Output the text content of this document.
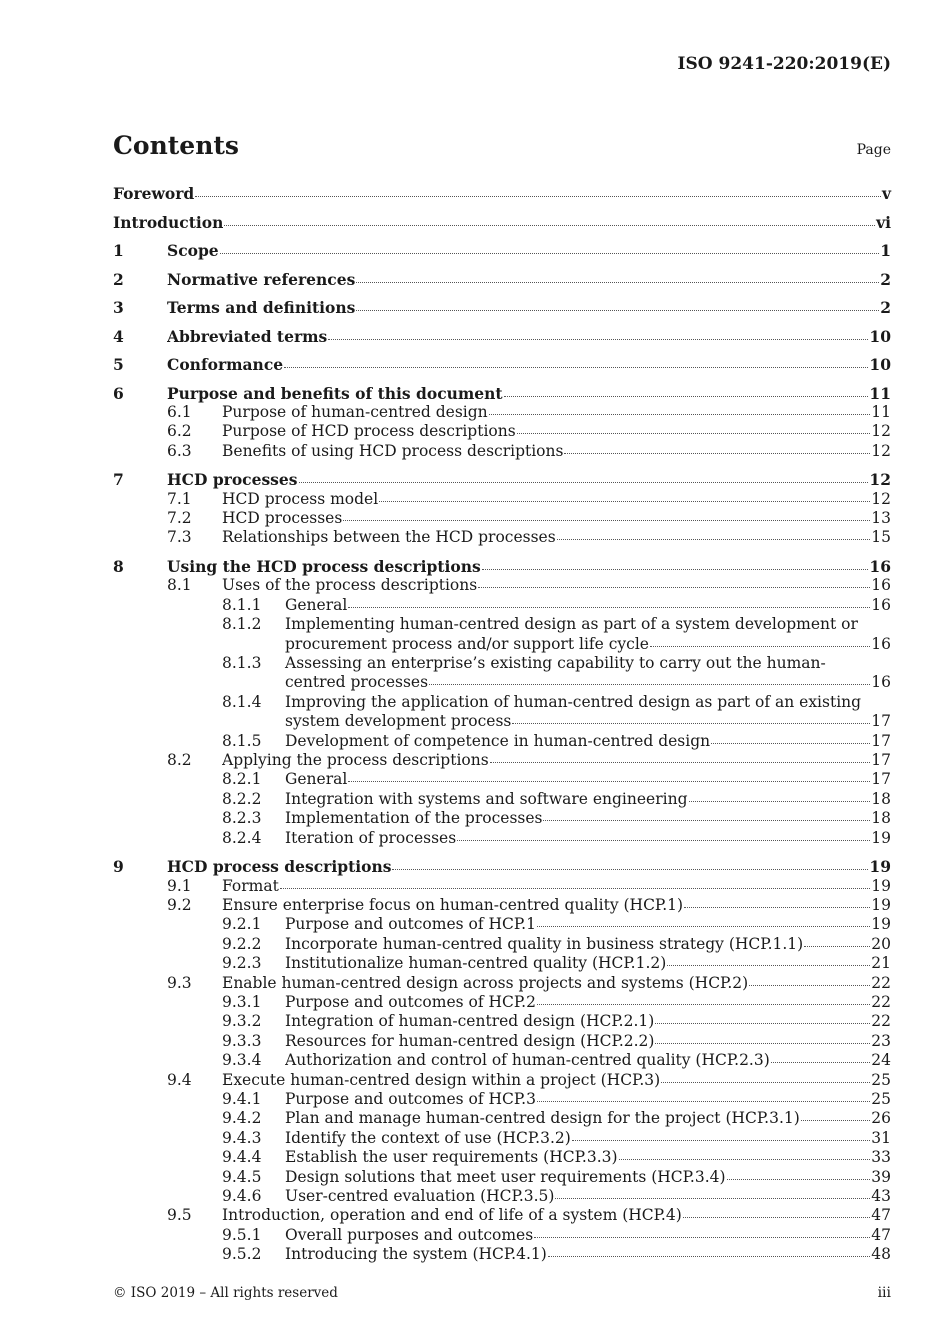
ISO 9241-220:2019(E)
Contents	Page
Foreword	v
Introduction	vi
1	Scope	1
2	Normative references	2
3	Terms and definitions	2
4	Abbreviated terms	10
5	Conformance	10
6	Purpose and benefits of this document	11
6.1 Purpose of human-centred design	11
6.2 Purpose of HCD process descriptions	12
6.3 Benefits of using HCD process descriptions	12
7	HCD processes	12
7.1 HCD process model	12
7.2 HCD processes	13
7.3 Relationships between the HCD processes	15
8	Using the HCD process descriptions	16
8.1 Uses of the process descriptions	16
8.1.1 General	16
8.1.2 Implementing human-centred design as part of a system development or
procurement process and/or support life cycle	16
8.1.3 Assessing an enterprise’s existing capability to carry out the human-
centred processes	16
8.1.4 Improving the application of human-centred design as part of an existing
system development process	17
8.1.5 Development of competence in human-centred design	17
8.2 Applying the process descriptions	17
8.2.1 General	17
8.2.2 Integration with systems and software engineering	18
8.2.3 Implementation of the processes	18
8.2.4 Iteration of processes	19
9	HCD process descriptions	19
9.1 Format	19
9.2 Ensure enterprise focus on human-centred quality (HCP.1)	19
9.2.1 Purpose and outcomes of HCP.1	19
9.2.2 Incorporate human-centred quality in business strategy (HCP.1.1)	20
9.2.3 Institutionalize human-centred quality (HCP.1.2)	21
9.3 Enable human-centred design across projects and systems (HCP.2)	22
9.3.1 Purpose and outcomes of HCP.2	22
9.3.2 Integration of human-centred design (HCP.2.1)	22
9.3.3 Resources for human-centred design (HCP.2.2)	23
9.3.4 Authorization and control of human-centred quality (HCP.2.3)	24
9.4 Execute human-centred design within a project (HCP.3)	25
9.4.1 Purpose and outcomes of HCP.3	25
9.4.2 Plan and manage human-centred design for the project (HCP.3.1)	26
9.4.3 Identify the context of use (HCP.3.2)	31
9.4.4 Establish the user requirements (HCP.3.3)	33
9.4.5 Design solutions that meet user requirements (HCP.3.4)	39
9.4.6 User-centred evaluation (HCP.3.5)	43
9.5 Introduction, operation and end of life of a system (HCP.4)	47
9.5.1 Overall purposes and outcomes	47
9.5.2 Introducing the system (HCP.4.1)	48
© ISO 2019 – All rights reserved	iii
